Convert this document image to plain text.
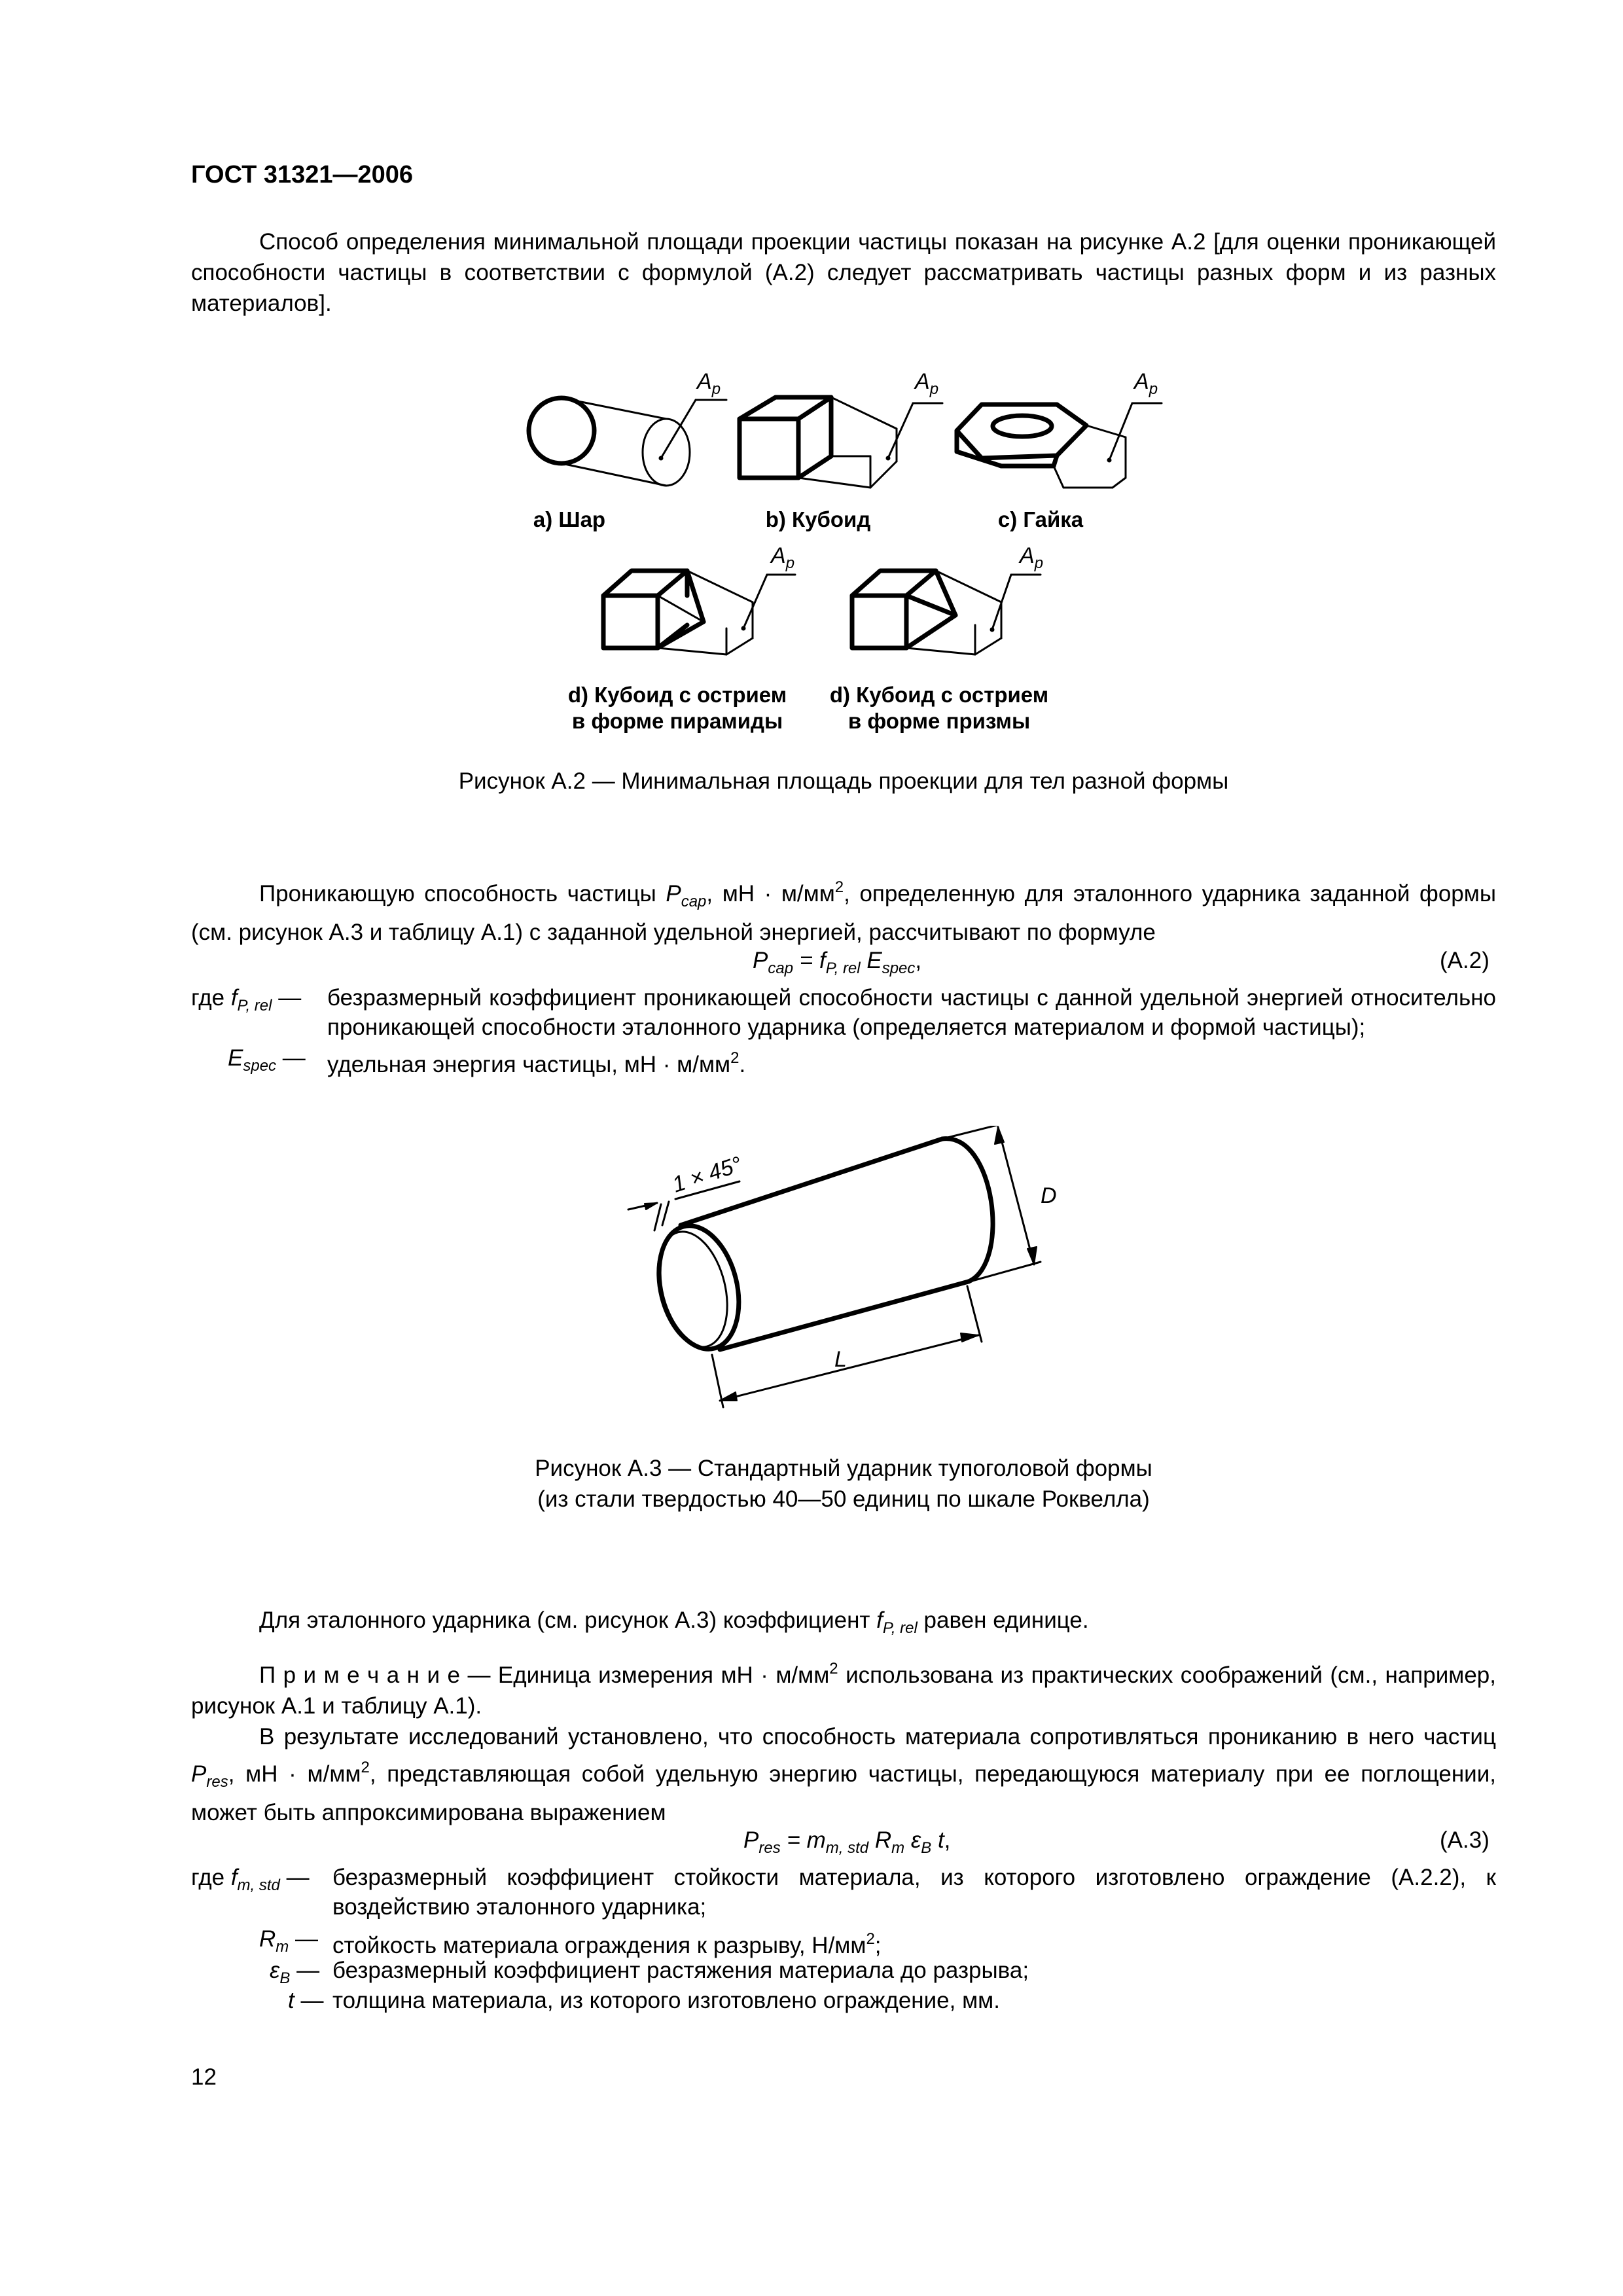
ГОСТ 31321—2006
Способ определения минимальной площади проекции частицы показан на рисунке А.2 [для оценки проникающей способности частицы в соответствии с формулой (А.2) следует рассматривать частицы разных форм и из разных материалов].
$A_p$	$A_p$	$A_p$
$A_p$	$A_p$
a) Шар	b) Кубоид	c) Гайка
d) Кубоид с острием
в форме пирамиды
d) Кубоид с острием
в форме призмы
Рисунок А.2 — Минимальная площадь проекции для тел разной формы
Проникающую способность частицы $P_{cap}$, мН · $м/мм^2$, определенную для эталонного ударника заданной формы (см. рисунок А.3 и таблицу А.1) с заданной удельной энергией, рассчитывают по формуле
$P_{cap} = f_{P, rel}$ $E_{spec}$,	(A.2)
где $f_{P, rel}$ —	безразмерный коэффициент проникающей способности частицы с данной удельной энергией относительно проникающей способности эталонного ударника (определяется материалом и формой частицы);
$E_{spec}$ — удельная энергия частицы, мН · $м/мм^2$.
1 × 45°	D
L
Рисунок А.3 — Стандартный ударник тупоголовой формы
(из стали твердостью 40—50 единиц по шкале Роквелла)
Для эталонного ударника (см. рисунок А.3) коэффициент $f_{P, rel}$ равен единице.
П р и м е ч а н и е — Единица измерения мН · $м/мм^2$ использована из практических соображений (см., например, рисунок А.1 и таблицу А.1).
В результате исследований установлено, что способность материала сопротивляться прониканию в него частиц $P_{res}$, мН · $м/мм^2$, представляющая собой удельную энергию частицы, передающуюся материалу при ее поглощении, может быть аппроксимирована выражением
$P_{res} = m_{m, std}$ $R_m$ $\varepsilon_B$ t,	(A.3)
где $f_{m, std}$ — безразмерный коэффициент стойкости материала, из которого изготовлено ограждение (А.2.2), к воздействию эталонного ударника;
$R_m$ — стойкость материала ограждения к разрыву, $Н/мм^2$;
$\varepsilon_B$ — безразмерный коэффициент растяжения материала до разрыва;
t — толщина материала, из которого изготовлено ограждение, мм.
12
